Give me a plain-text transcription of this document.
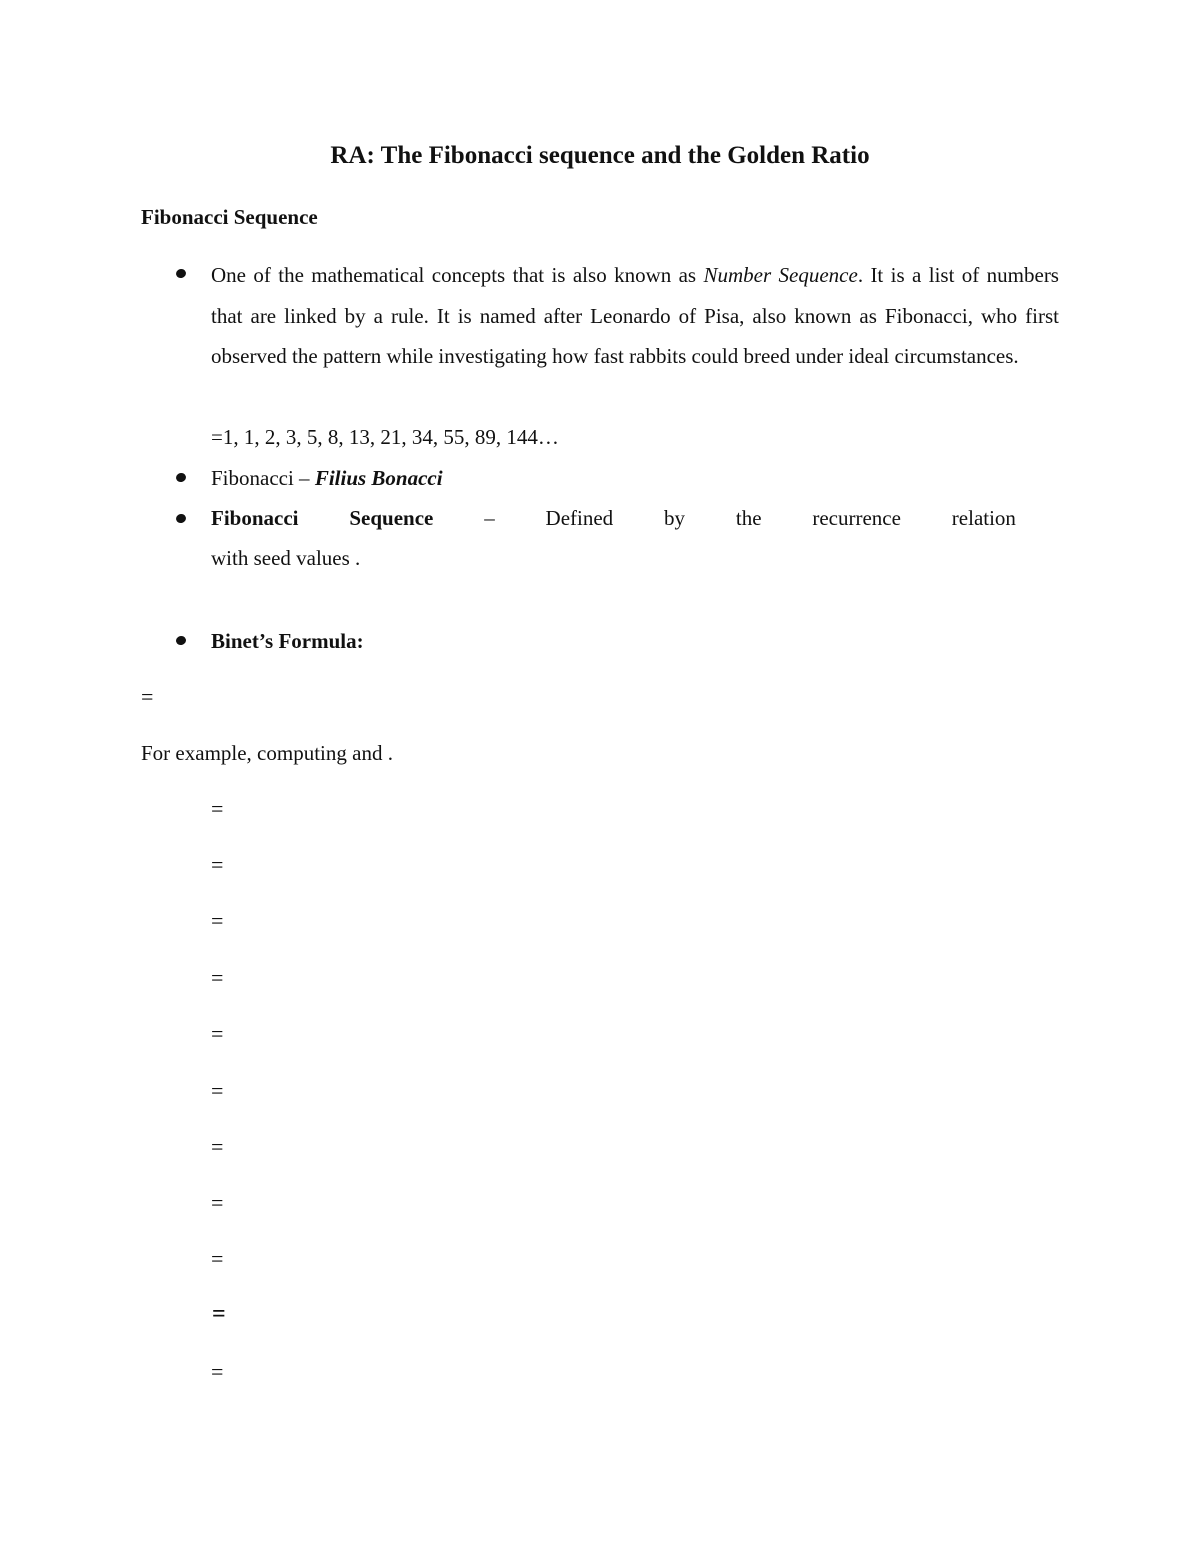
RA: The Fibonacci sequence and the Golden Ratio
Fibonacci Sequence

One of the mathematical concepts that is also known as Number Sequence. It is a list of numbers that are linked by a rule. It is named after Leonardo of Pisa, also known as Fibonacci, who first observed the pattern while investigating how fast rabbits could breed under ideal circumstances.

=1, 1, 2, 3, 5, 8, 13, 21, 34, 55, 89, 144…

Fibonacci – Filius Bonacci

Fibonacci Sequence – Defined by the recurrence relation

with seed values .

Binet’s Formula:

=

For example, computing and .

=

=

=

=

=

=

=

=

=

=

=
